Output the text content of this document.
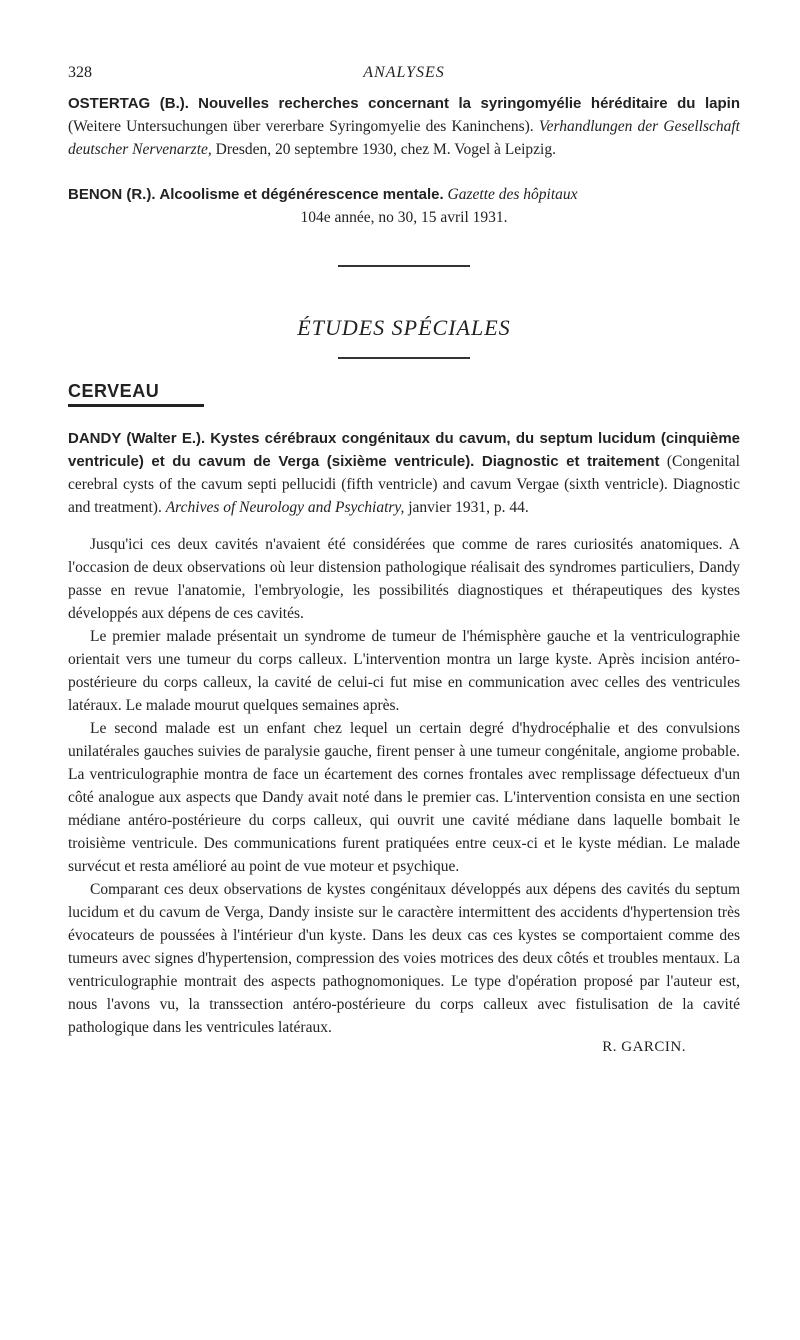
328	ANALYSES
OSTERTAG (B.). Nouvelles recherches concernant la syringomyélie héréditaire du lapin (Weitere Untersuchungen über vererbare Syringomyelie des Kaninchens). Verhandlungen der Gesellschaft deutscher Nervenarzte, Dresden, 20 septembre 1930, chez M. Vogel à Leipzig.
BENON (R.). Alcoolisme et dégénérescence mentale. Gazette des hôpitaux
104e année, no 30, 15 avril 1931.
ÉTUDES SPÉCIALES
CERVEAU
DANDY (Walter E.). Kystes cérébraux congénitaux du cavum, du septum lucidum (cinquième ventricule) et du cavum de Verga (sixième ventricule). Diagnostic et traitement (Congenital cerebral cysts of the cavum septi pellucidi (fifth ventricle) and cavum Vergae (sixth ventricle). Diagnostic and treatment). Archives of Neurology and Psychiatry, janvier 1931, p. 44.

Jusqu'ici ces deux cavités n'avaient été considérées que comme de rares curiosités anatomiques. A l'occasion de deux observations où leur distension pathologique réalisait des syndromes particuliers, Dandy passe en revue l'anatomie, l'embryologie, les possibilités diagnostiques et thérapeutiques des kystes développés aux dépens de ces cavités.

Le premier malade présentait un syndrome de tumeur de l'hémisphère gauche et la ventriculographie orientait vers une tumeur du corps calleux. L'intervention montra un large kyste. Après incision antéro-postérieure du corps calleux, la cavité de celui-ci fut mise en communication avec celles des ventricules latéraux. Le malade mourut quelques semaines après.

Le second malade est un enfant chez lequel un certain degré d'hydrocéphalie et des convulsions unilatérales gauches suivies de paralysie gauche, firent penser à une tumeur congénitale, angiome probable. La ventriculographie montra de face un écartement des cornes frontales avec remplissage défectueux d'un côté analogue aux aspects que Dandy avait noté dans le premier cas. L'intervention consista en une section médiane antéro-postérieure du corps calleux, qui ouvrit une cavité médiane dans laquelle bombait le troisième ventricule. Des communications furent pratiquées entre ceux-ci et le kyste médian. Le malade survécut et resta amélioré au point de vue moteur et psychique.

Comparant ces deux observations de kystes congénitaux développés aux dépens des cavités du septum lucidum et du cavum de Verga, Dandy insiste sur le caractère intermittent des accidents d'hypertension très évocateurs de poussées à l'intérieur d'un kyste. Dans les deux cas ces kystes se comportaient comme des tumeurs avec signes d'hypertension, compression des voies motrices des deux côtés et troubles mentaux. La ventriculographie montrait des aspects pathognomoniques. Le type d'opération proposé par l'auteur est, nous l'avons vu, la transsection antéro-postérieure du corps calleux avec fistulisation de la cavité pathologique dans les ventricules latéraux.

R. GARCIN.
